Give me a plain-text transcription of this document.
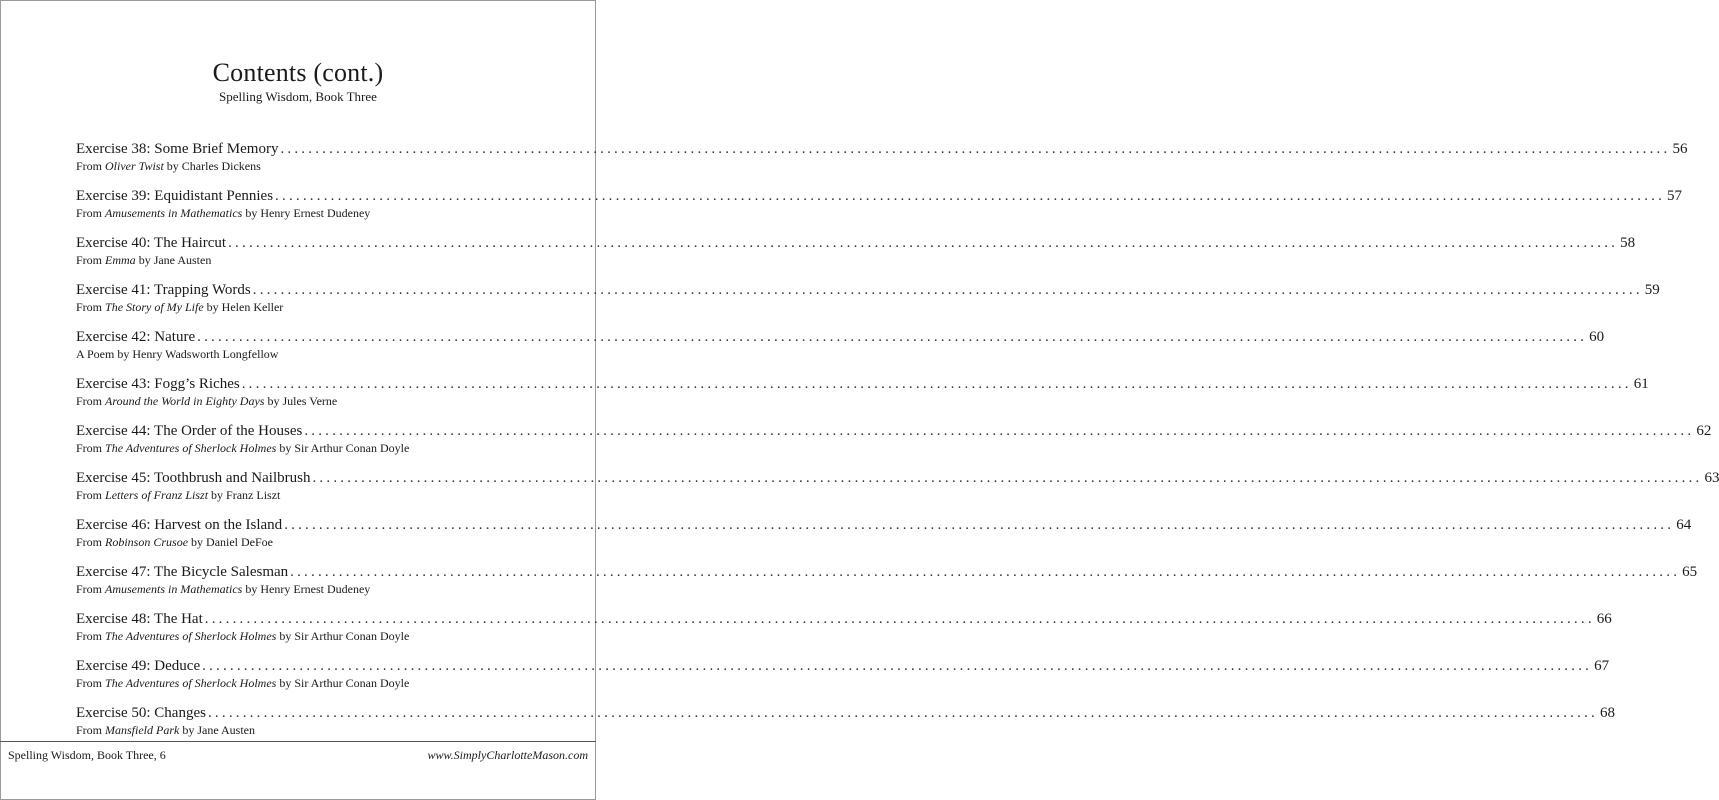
Contents (cont.)
Spelling Wisdom, Book Three
Exercise 38: Some Brief Memory ........................................................................................................................................................................................................ 56
From Oliver Twist by Charles Dickens
Exercise 39: Equidistant Pennies ........................................................................................................................................................................................................ 57
From Amusements in Mathematics by Henry Ernest Dudeney
Exercise 40: The Haircut ........................................................................................................................................................................................................ 58
From Emma by Jane Austen
Exercise 41: Trapping Words ........................................................................................................................................................................................................ 59
From The Story of My Life by Helen Keller
Exercise 42: Nature ........................................................................................................................................................................................................ 60
A Poem by Henry Wadsworth Longfellow
Exercise 43: Fogg’s Riches ........................................................................................................................................................................................................ 61
From Around the World in Eighty Days by Jules Verne
Exercise 44: The Order of the Houses ........................................................................................................................................................................................................ 62
From The Adventures of Sherlock Holmes by Sir Arthur Conan Doyle
Exercise 45: Toothbrush and Nailbrush ........................................................................................................................................................................................................ 63
From Letters of Franz Liszt by Franz Liszt
Exercise 46: Harvest on the Island ........................................................................................................................................................................................................ 64
From Robinson Crusoe by Daniel DeFoe
Exercise 47: The Bicycle Salesman ........................................................................................................................................................................................................ 65
From Amusements in Mathematics by Henry Ernest Dudeney
Exercise 48: The Hat ........................................................................................................................................................................................................ 66
From The Adventures of Sherlock Holmes by Sir Arthur Conan Doyle
Exercise 49: Deduce ........................................................................................................................................................................................................ 67
From The Adventures of Sherlock Holmes by Sir Arthur Conan Doyle
Exercise 50: Changes ........................................................................................................................................................................................................ 68
From Mansfield Park by Jane Austen
Spelling Wisdom, Book Three, 6	www.SimplyCharlotteMason.com
